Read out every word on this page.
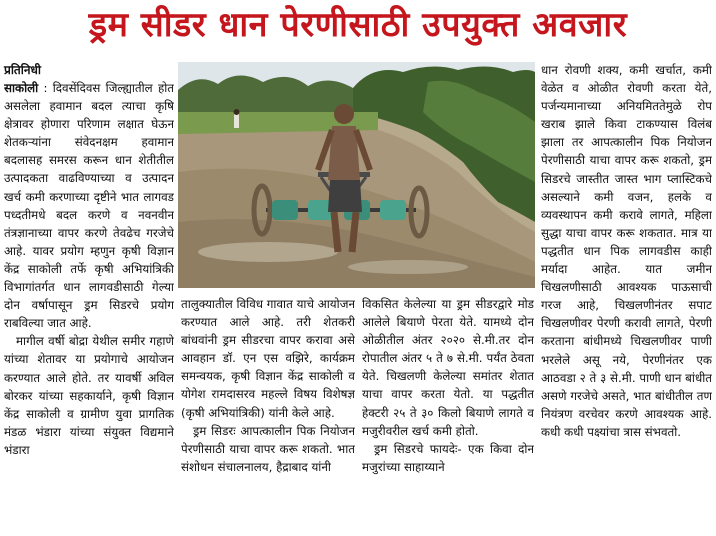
ड्रम सीडर धान पेरणीसाठी उपयुक्त अवजार
प्रतिनिधी

साकोली : दिवसेंदिवस जिल्ह्यातील होत असलेला हवामान बदल त्याचा कृषि क्षेत्रावर होणारा परिणाम लक्षात घेऊन शेतकऱ्यांना संवेदनक्षम हवामान बदलासह समरस करून धान शेतीतील उत्पादकता वाढविण्याच्या व उत्पादन खर्च कमी करणाच्या दृष्टीने भात लागवड पध्दतीमधे बदल करणे व नवनवीन तंत्रज्ञानाच्या वापर करणे तेवढेच गरजेचे आहे. यावर प्रयोग म्हणुन कृषी विज्ञान केंद्र साकोली तर्फे कृषी अभियांत्रिकी विभागांतर्गत धान लागवडीसाठी गेल्या दोन वर्षापासून ड्रम सिडरचे प्रयोग राबविल्या जात आहे.

मागील वर्षी बोद्रा येथील समीर गहाणे यांच्या शेतावर या प्रयोगाचे आयोजन करण्यात आले होते. तर यावर्षी अविल बोरकर यांच्या सहकार्याने, कृषी विज्ञान केंद्र साकोली व ग्रामीण युवा प्रागतिक मंडळ भंडारा यांच्या संयुक्त विद्यमाने भंडारा

तालुक्यातील विविध गावात याचे आयोजन करण्यात आले आहे. तरी शेतकरी बांधवांनी ड्रम सीडरचा वापर करावा असे आवहान डॉ. एन एस वझिरे, कार्यक्रम समन्वयक, कृषी विज्ञान केंद्र साकोली व योगेश रामदासरव महल्ले विषय विशेषज्ञ (कृषी अभियांत्रिकी) यांनी केले आहे.

ड्रम सिडरः आपत्कालीन पिक नियोजन पेरणीसाठी याचा वापर करू शकतो. भात संशोधन संचालनालय, हैद्राबाद यांनी

विकसित केलेल्या या ड्रम सीडरद्वारे मोड आलेले बियाणे पेरता येते. यामध्ये दोन ओळीतील अंतर २०२० से.मी.तर दोन रोपातील अंतर ५ ते ७ से.मी. पर्यंत ठेवता येते. चिखलणी केलेल्या समांतर शेतात याचा वापर करता येतो. या पद्धतीत हेक्टरी २५ ते ३० किलो बियाणे लागते व मजुरीवरील खर्च कमी होतो.

ड्रम सिडरचे फायदेः- एक किवा दोन मजुरांच्या साहाय्याने

धान रोवणी शक्य, कमी खर्चात, कमी वेळेत व ओळीत रोवणी करता येते, पर्जन्यमानाच्या अनियमिततेमुळे रोप खराब झाले किवा टाकण्यास विलंब झाला तर आपत्कालीन पिक नियोजन पेरणीसाठी याचा वापर करू शकतो, ड्रम सिडरचे जास्तीत जास्त भाग प्लास्टिकचे असल्याने कमी वजन, हलके व व्यवस्थापन कमी करावे लागते, महिला सुद्धा याचा वापर करू शकतात. मात्र या पद्धतीत धान पिक लागवडीस काही मर्यादा आहेत. यात जमीन चिखलणीसाठी आवश्यक पाऊसाची गरज आहे, चिखलणीनंतर सपाट चिखलणीवर पेरणी करावी लागते, पेरणी करताना बांधीमध्ये चिखलणीवर पाणी भरलेले असू नये, पेरणीनंतर एक आठवडा २ ते ३ से.मी. पाणी धान बांधीत असणे गरजेचे असते, भात बांधीतील तण नियंत्रण वरचेवर करणे आवश्यक आहे. कधी कधी पक्ष्यांचा त्रास संभवतो.
